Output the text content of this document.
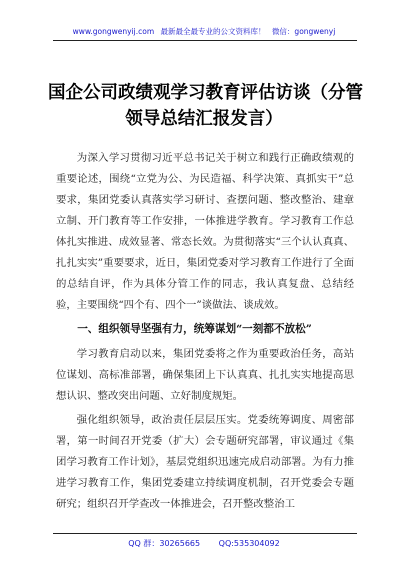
www.gongwenyij.com 最新最全最专业的公文资料库！ 微信：gongwenyj
国企公司政绩观学习教育评估访谈（分管
领导总结汇报发言）

为深入学习贯彻习近平总书记关于树立和践行正确政绩观的重要论述，围绕“立党为公、为民造福、科学决策、真抓实干”总要求，集团党委认真落实学习研讨、查摆问题、整改整治、建章立制、开门教育等工作安排，一体推进学教育。学习教育工作总体扎实推进、成效显著、常态长效。为贯彻落实“三个认认真真、扎扎实实”重要要求，近日，集团党委对学习教育工作进行了全面的总结自评，作为具体分管工作的同志，我认真复盘、总结经验，主要围绕“四个有、四个一”谈做法、谈成效。

一、组织领导坚强有力，统筹谋划“一刻都不放松”

学习教育启动以来，集团党委将之作为重要政治任务，高站位谋划、高标准部署，确保集团上下认真真、扎扎实实地提高思想认识、整改突出问题、立好制度规矩。

强化组织领导，政治责任层层压实。党委统筹调度、周密部署，第一时间召开党委（扩大）会专题研究部署，审议通过《集团学习教育工作计划》，基层党组织迅速完成启动部署。为有力推进学习教育工作，集团党委建立持续调度机制，召开党委会专题研究；组织召开学查改一体推进会，召开整改整治工

QQ 群：30265665 QQ:535304092
